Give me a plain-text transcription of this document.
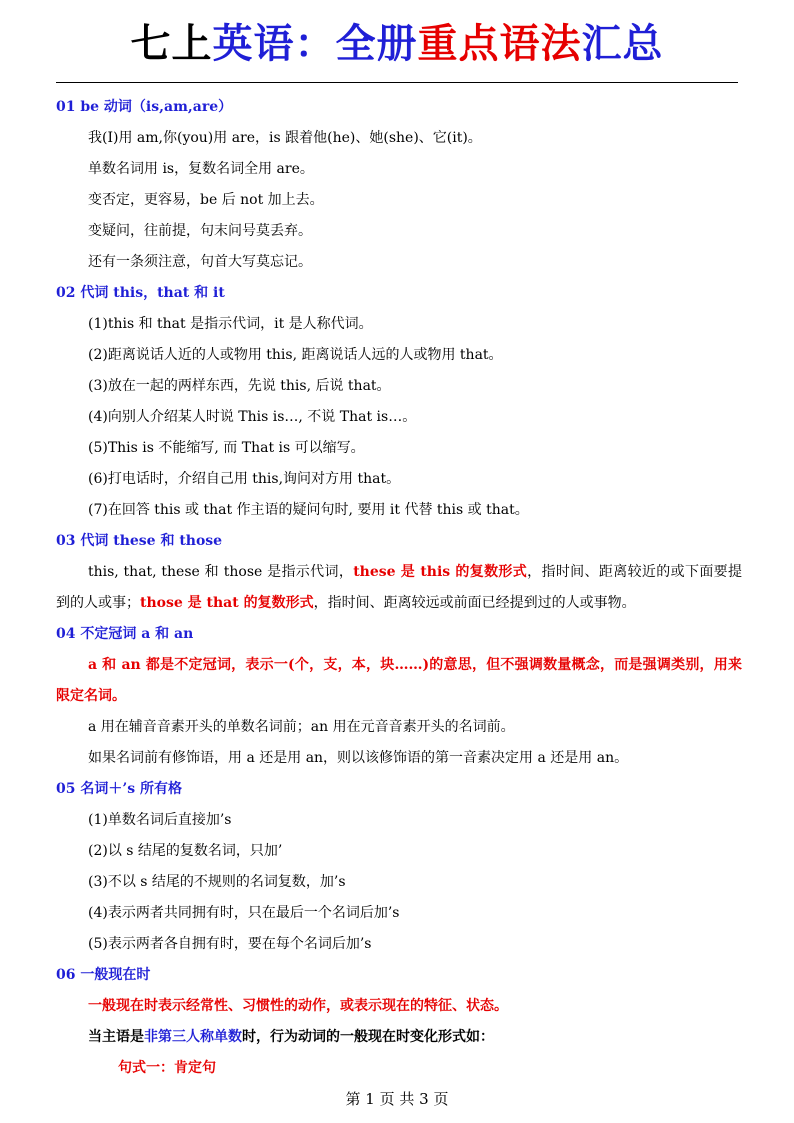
七上英语：全册重点语法汇总
01 be 动词（is,am,are）
我(I)用 am,你(you)用 are，is 跟着他(he)、她(she)、它(it)。
单数名词用 is，复数名词全用 are。
变否定，更容易，be 后 not 加上去。
变疑问，往前提，句末问号莫丢弃。
还有一条须注意，句首大写莫忘记。
02 代词 this，that 和 it
(1)this 和 that 是指示代词，it 是人称代词。
(2)距离说话人近的人或物用 this, 距离说话人远的人或物用 that。
(3)放在一起的两样东西，先说 this, 后说 that。
(4)向别人介绍某人时说 This is…, 不说 That is…。
(5)This is 不能缩写, 而 That is 可以缩写。
(6)打电话时，介绍自己用 this,询问对方用 that。
(7)在回答 this 或 that 作主语的疑问句时, 要用 it 代替 this 或 that。
03 代词 these 和 those
this, that, these 和 those 是指示代词，these 是 this 的复数形式，指时间、距离较近的或下面要提到的人或事；those 是 that 的复数形式，指时间、距离较远或前面已经提到过的人或事物。
04 不定冠词 a 和 an
a 和 an 都是不定冠词，表示一(个，支，本，块……)的意思，但不强调数量概念，而是强调类别，用来限定名词。
a 用在辅音音素开头的单数名词前；an 用在元音音素开头的名词前。
如果名词前有修饰语，用 a 还是用 an，则以该修饰语的第一音素决定用 a 还是用 an。
05 名词＋’s 所有格
(1)单数名词后直接加’s
(2)以 s 结尾的复数名词，只加’
(3)不以 s 结尾的不规则的名词复数，加’s
(4)表示两者共同拥有时，只在最后一个名词后加’s
(5)表示两者各自拥有时，要在每个名词后加’s
06 一般现在时
一般现在时表示经常性、习惯性的动作，或表示现在的特征、状态。
当主语是非第三人称单数时，行为动词的一般现在时变化形式如：
句式一：肯定句
第 1 页 共 3 页
